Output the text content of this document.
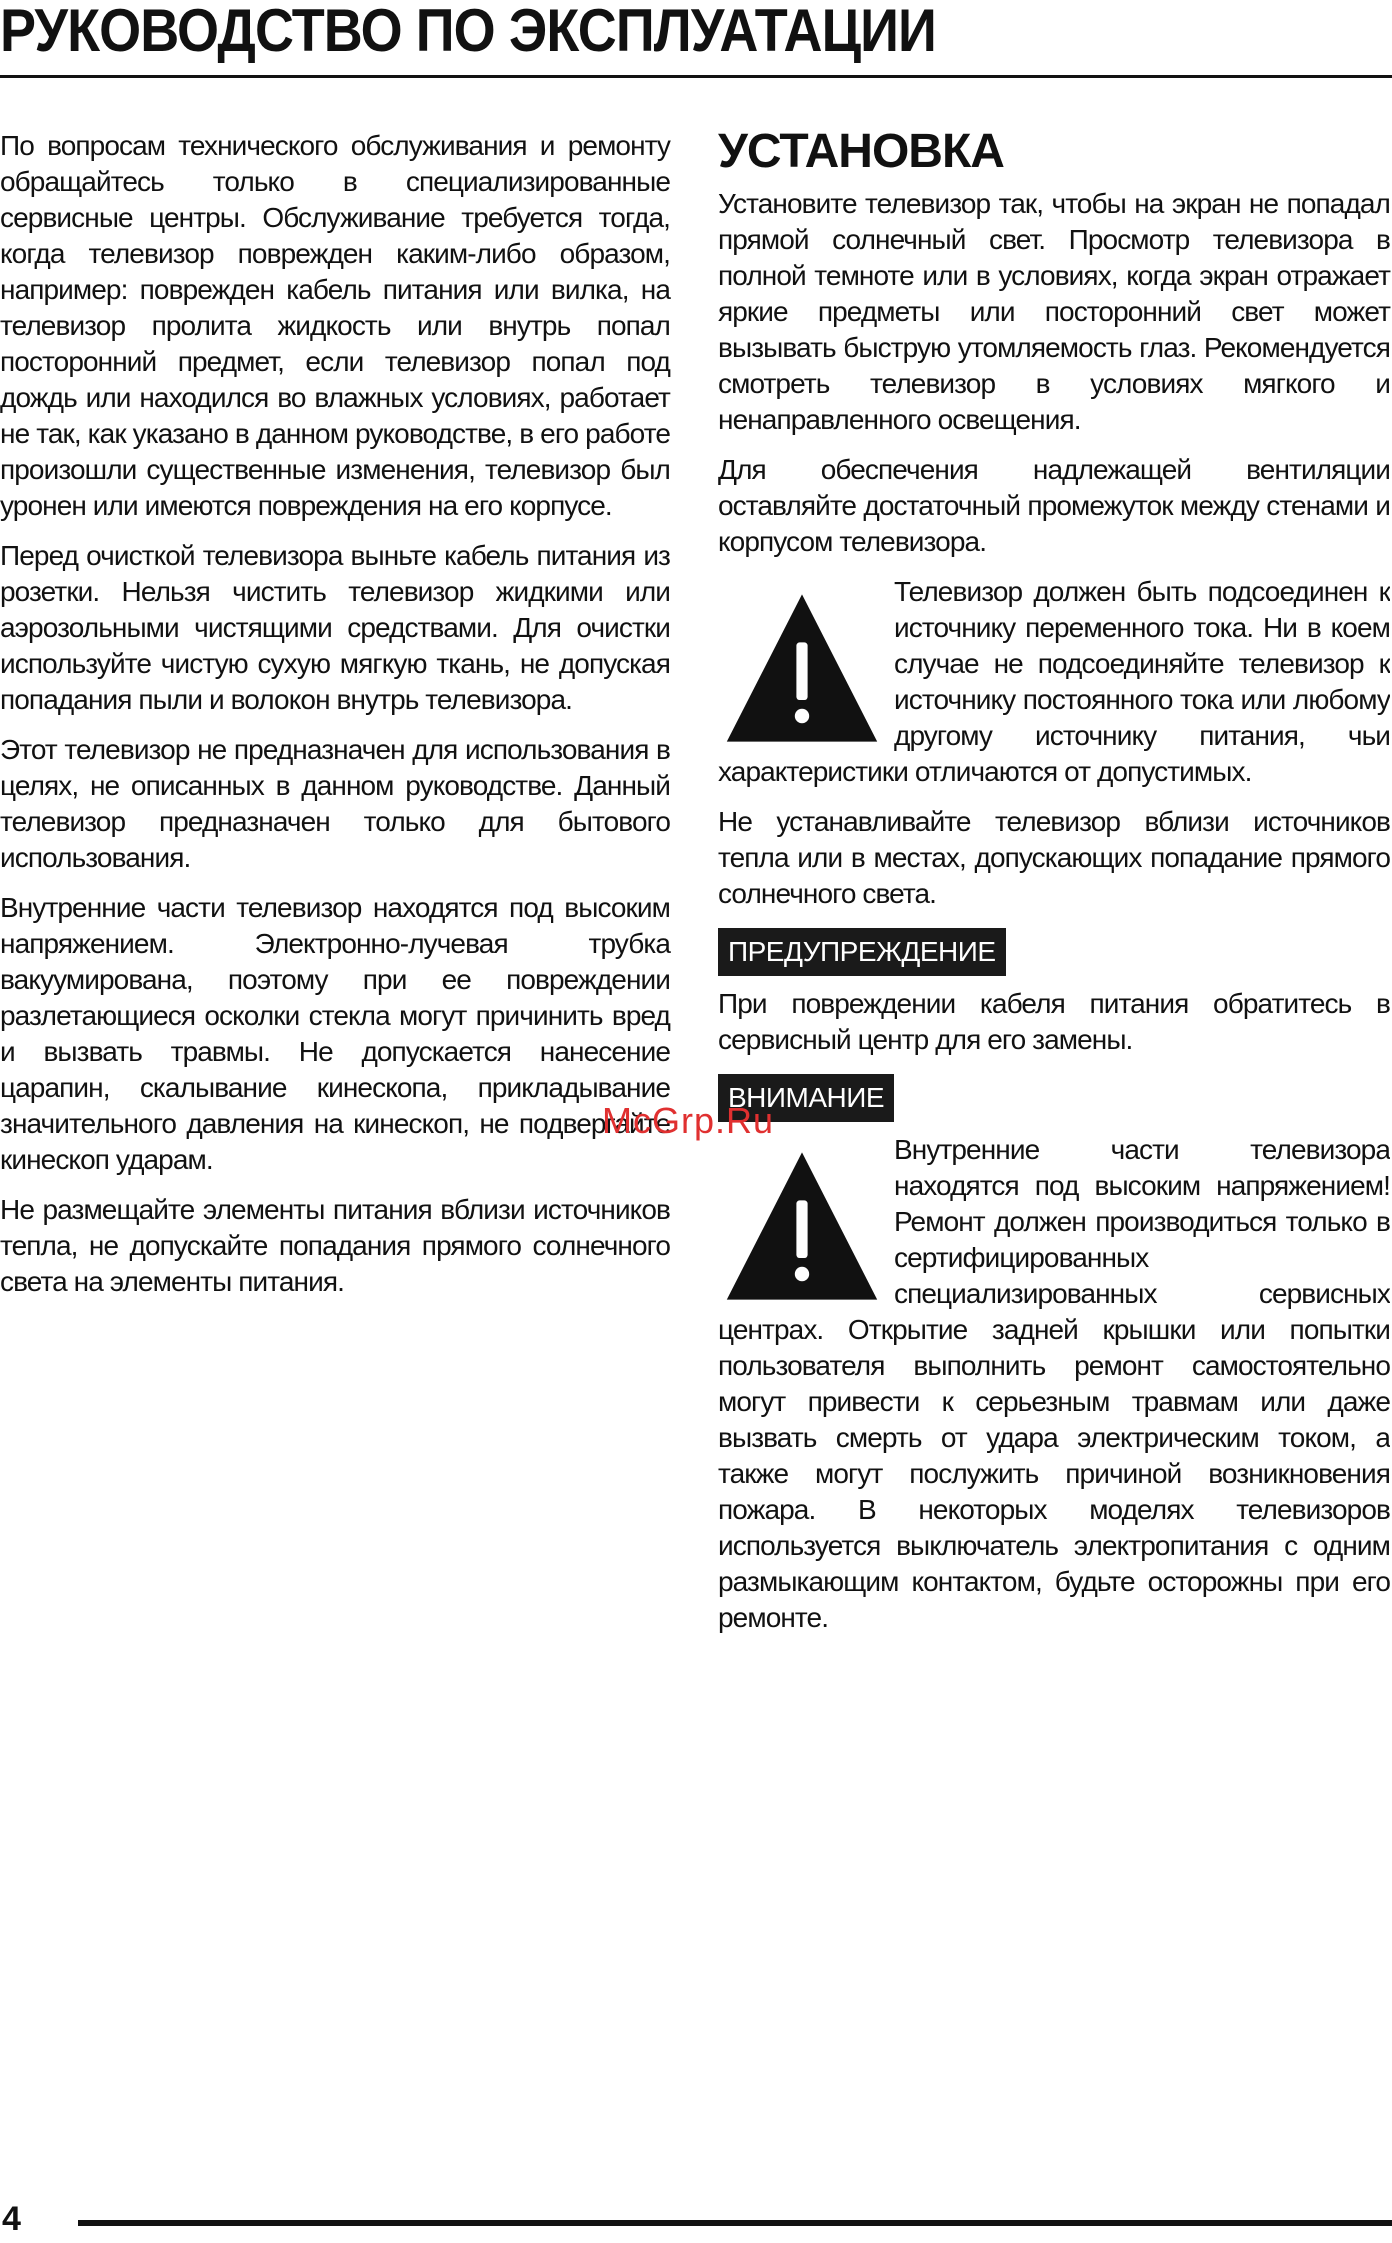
РУКОВОДСТВО ПО ЭКСПЛУАТАЦИИ

По вопросам технического обслуживания и ремонту обращайтесь только в специализированные сервисные центры. Обслуживание требуется тогда, когда телевизор поврежден каким-либо образом, например: поврежден кабель питания или вилка, на телевизор пролита жидкость или внутрь попал посторонний предмет, если телевизор попал под дождь или находился во влажных условиях, работает не так, как указано в данном руководстве, в его работе произошли существенные изменения, телевизор был уронен или имеются повреждения на его корпусе.

Перед очисткой телевизора выньте кабель питания из розетки. Нельзя чистить телевизор жидкими или аэрозольными чистящими средствами. Для очистки используйте чистую сухую мягкую ткань, не допуская попадания пыли и волокон внутрь телевизора.

Этот телевизор не предназначен для использования в целях, не описанных в данном руководстве. Данный телевизор предназначен только для бытового использования.

Внутренние части телевизор находятся под высоким напряжением. Электронно-лучевая трубка вакуумирована, поэтому при ее повреждении разлетающиеся осколки стекла могут причинить вред и вызвать травмы. Не допускается нанесение царапин, скалывание кинескопа, прикладывание значительного давления на кинескоп, не подвергайте кинескоп ударам.

Не размещайте элементы питания вблизи источников тепла, не допускайте попадания прямого солнечного света на элементы питания.

УСТАНОВКА

Установите телевизор так, чтобы на экран не попадал прямой солнечный свет. Просмотр телевизора в полной темноте или в условиях, когда экран отражает яркие предметы или посторонний свет может вызывать быструю утомляемость глаз. Рекомендуется смотреть телевизор в условиях мягкого и ненаправленного освещения.

Для обеспечения надлежащей вентиляции оставляйте достаточный промежуток между стенами и корпусом телевизора.

Телевизор должен быть подсоединен к источнику переменного тока. Ни в коем случае не подсоединяйте телевизор к источнику постоянного тока или любому другому источнику питания, чьи характеристики отличаются от допустимых.

Не устанавливайте телевизор вблизи источников тепла или в местах, допускающих попадание прямого солнечного света.

ПРЕДУПРЕЖДЕНИЕ

При повреждении кабеля питания обратитесь в сервисный центр для его замены.

ВНИМАНИЕ

Внутренние части телевизора находятся под высоким напряжением! Ремонт должен производиться только в сертифицированных специализированных сервисных центрах. Открытие задней крышки или попытки пользователя выполнить ремонт самостоятельно могут привести к серьезным травмам или даже вызвать смерть от удара электрическим током, а также могут послужить причиной возникновения пожара. В некоторых моделях телевизоров используется выключатель электропитания с одним размыкающим контактом, будьте осторожны при его ремонте.

McGrp.Ru
4
